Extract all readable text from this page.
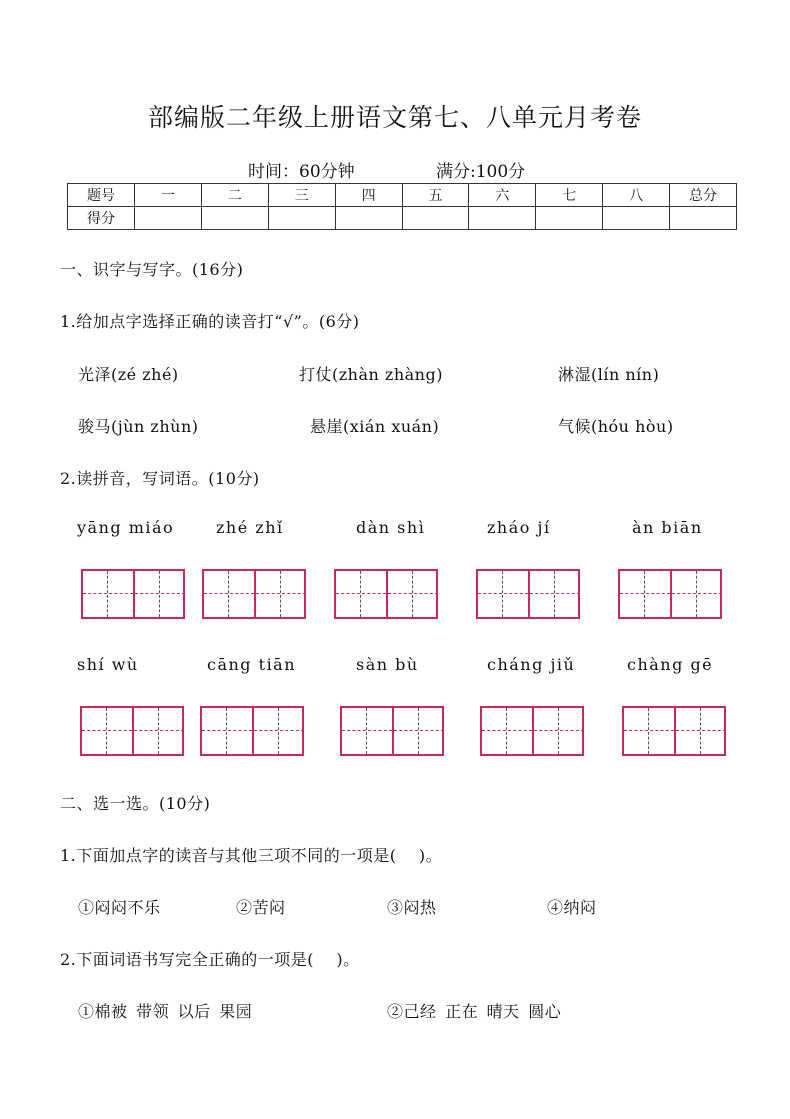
部编版二年级上册语文第七、八单元月考卷
时间：60分钟	满分:100分
题号	一	二	三	四	五	六	七	八	总分
得分									
一、识字与写字。(16分)
1.给加点字选择正确的读音打“√”。(6分)
光泽(zé zhé)	打仗(zhàn zhàng)	淋湿(lín nín)
骏马(jùn zhùn)	悬崖(xián xuán)	气候(hóu hòu)
2.读拼音，写词语。(10分)
yāng miáo	zhé zhǐ	dàn shì	zháo jí	àn biān
shí wù	cāng tiān	sàn bù	cháng jiǔ	chàng gē
二、选一选。(10分)
1.下面加点字的读音与其他三项不同的一项是(    )。
①闷闷不乐	②苦闷	③闷热	④纳闷
2.下面词语书写完全正确的一项是(    )。
①棉被 带领 以后 果园	②己经 正在 晴天 圆心
